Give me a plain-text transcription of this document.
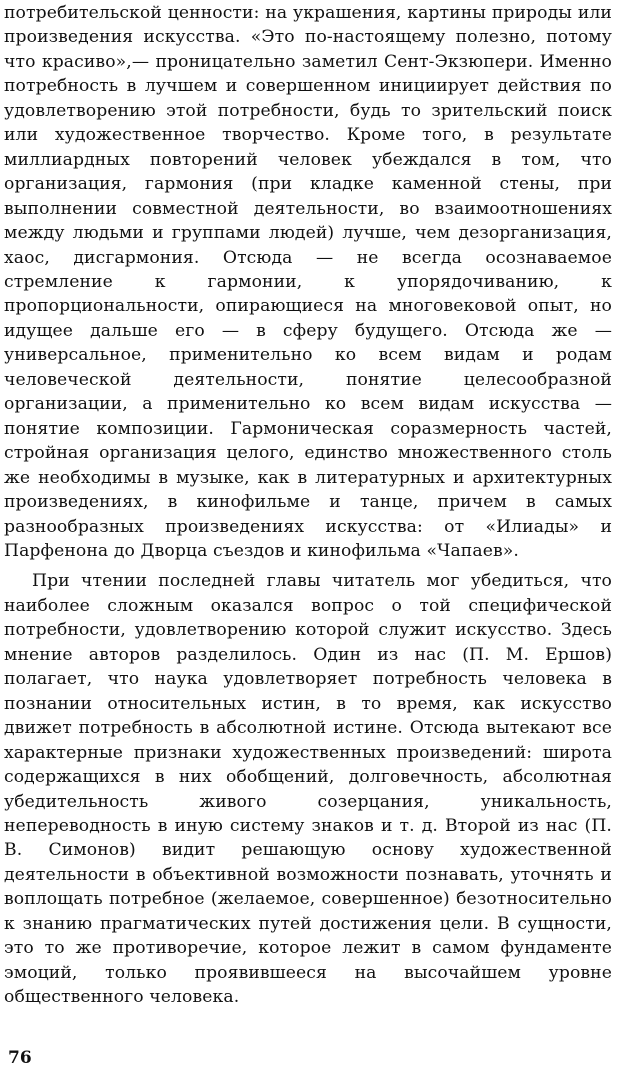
потребительской ценности: на украшения, картины природы или произведения искусства. «Это по-настоящему полезно, потому что красиво»,— проницательно заметил Сент-Экзюпери. Именно потребность в лучшем и совершенном инициирует действия по удовлетворению этой потребности, будь то зрительский поиск или художественное творчество. Кроме того, в результате миллиардных повторений человек убеждался в том, что организация, гармония (при кладке каменной стены, при выполнении совместной деятельности, во взаимоотношениях между людьми и группами людей) лучше, чем дезорганизация, хаос, дисгармония. Отсюда — не всегда осознаваемое стремление к гармонии, к упорядочиванию, к пропорциональности, опирающиеся на многовековой опыт, но идущее дальше его — в сферу будущего. Отсюда же — универсальное, применительно ко всем видам и родам человеческой деятельности, понятие целесообразной организации, а применительно ко всем видам искусства — понятие композиции. Гармоническая соразмерность частей, стройная организация целого, единство множественного столь же необходимы в музыке, как в литературных и архитектурных произведениях, в кинофильме и танце, причем в самых разнообразных произведениях искусства: от «Илиады» и Парфенона до Дворца съездов и кинофильма «Чапаев».

При чтении последней главы читатель мог убедиться, что наиболее сложным оказался вопрос о той специфической потребности, удовлетворению которой служит искусство. Здесь мнение авторов разделилось. Один из нас (П. М. Ершов) полагает, что наука удовлетворяет потребность человека в познании относительных истин, в то время, как искусство движет потребность в абсолютной истине. Отсюда вытекают все характерные признаки художественных произведений: широта содержащихся в них обобщений, долговечность, абсолютная убедительность живого созерцания, уникальность, непереводность в иную систему знаков и т. д. Второй из нас (П. В. Симонов) видит решающую основу художественной деятельности в объективной возможности познавать, уточнять и воплощать потребное (желаемое, совершенное) безотносительно к знанию прагматических путей достижения цели. В сущности, это то же противоречие, которое лежит в самом фундаменте эмоций, только проявившееся на высочайшем уровне общественного человека.

76
